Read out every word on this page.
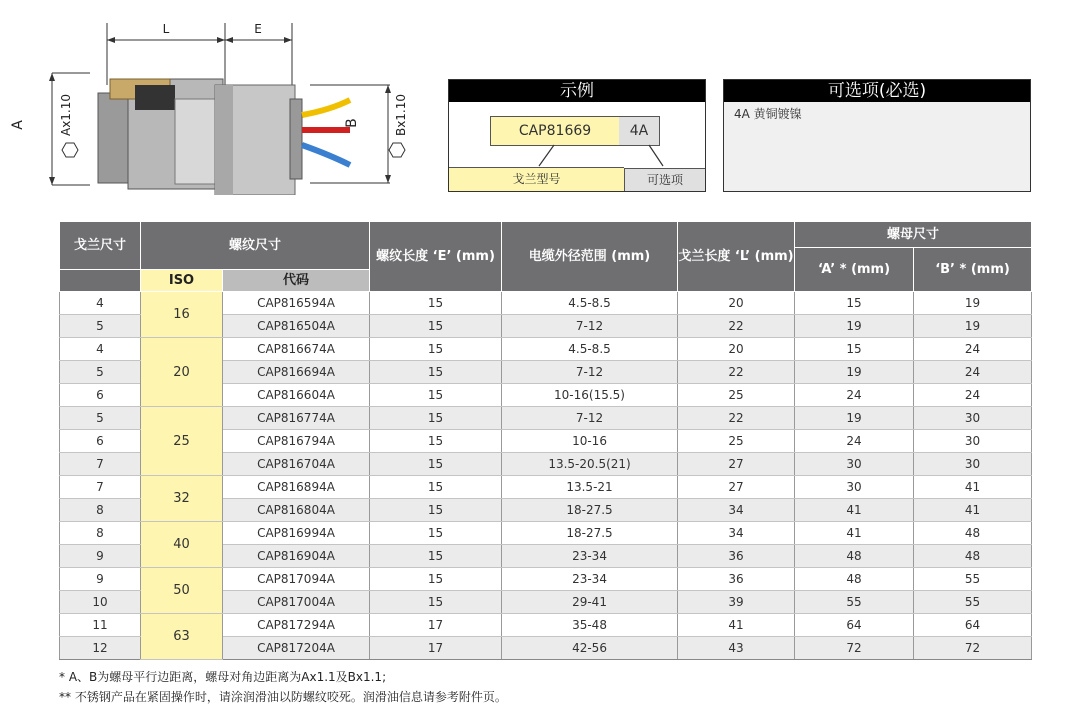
L	E
Ax1.10
A	Bx1.10
B
示例
CAP81669	4A
戈兰型号	可选项
可选项(必选)
4A 黄铜镀镍
戈兰尺寸	螺纹尺寸		螺纹长度 ‘E’ (mm)	电缆外径范围 (mm)	戈兰长度 ‘L’ (mm)	螺母尺寸	
						‘A’ * (mm)	‘B’ * (mm)
	ISO	代码					
4	16	CAP816594A	15	4.5-8.5	20	15	19
5		CAP816504A	15	7-12	22	19	19
4	20	CAP816674A	15	4.5-8.5	20	15	24
5		CAP816694A	15	7-12	22	19	24
6		CAP816604A	15	10-16(15.5)	25	24	24
5	25	CAP816774A	15	7-12	22	19	30
6		CAP816794A	15	10-16	25	24	30
7		CAP816704A	15	13.5-20.5(21)	27	30	30
7	32	CAP816894A	15	13.5-21	27	30	41
8		CAP816804A	15	18-27.5	34	41	41
8	40	CAP816994A	15	18-27.5	34	41	48
9		CAP816904A	15	23-34	36	48	48
9	50	CAP817094A	15	23-34	36	48	55
10		CAP817004A	15	29-41	39	55	55
11	63	CAP817294A	17	35-48	41	64	64
12		CAP817204A	17	42-56	43	72	72
* A、B为螺母平行边距离，螺母对角边距离为Ax1.1及Bx1.1;
** 不锈钢产品在紧固操作时，请涂润滑油以防螺纹咬死。润滑油信息请参考附件页。
